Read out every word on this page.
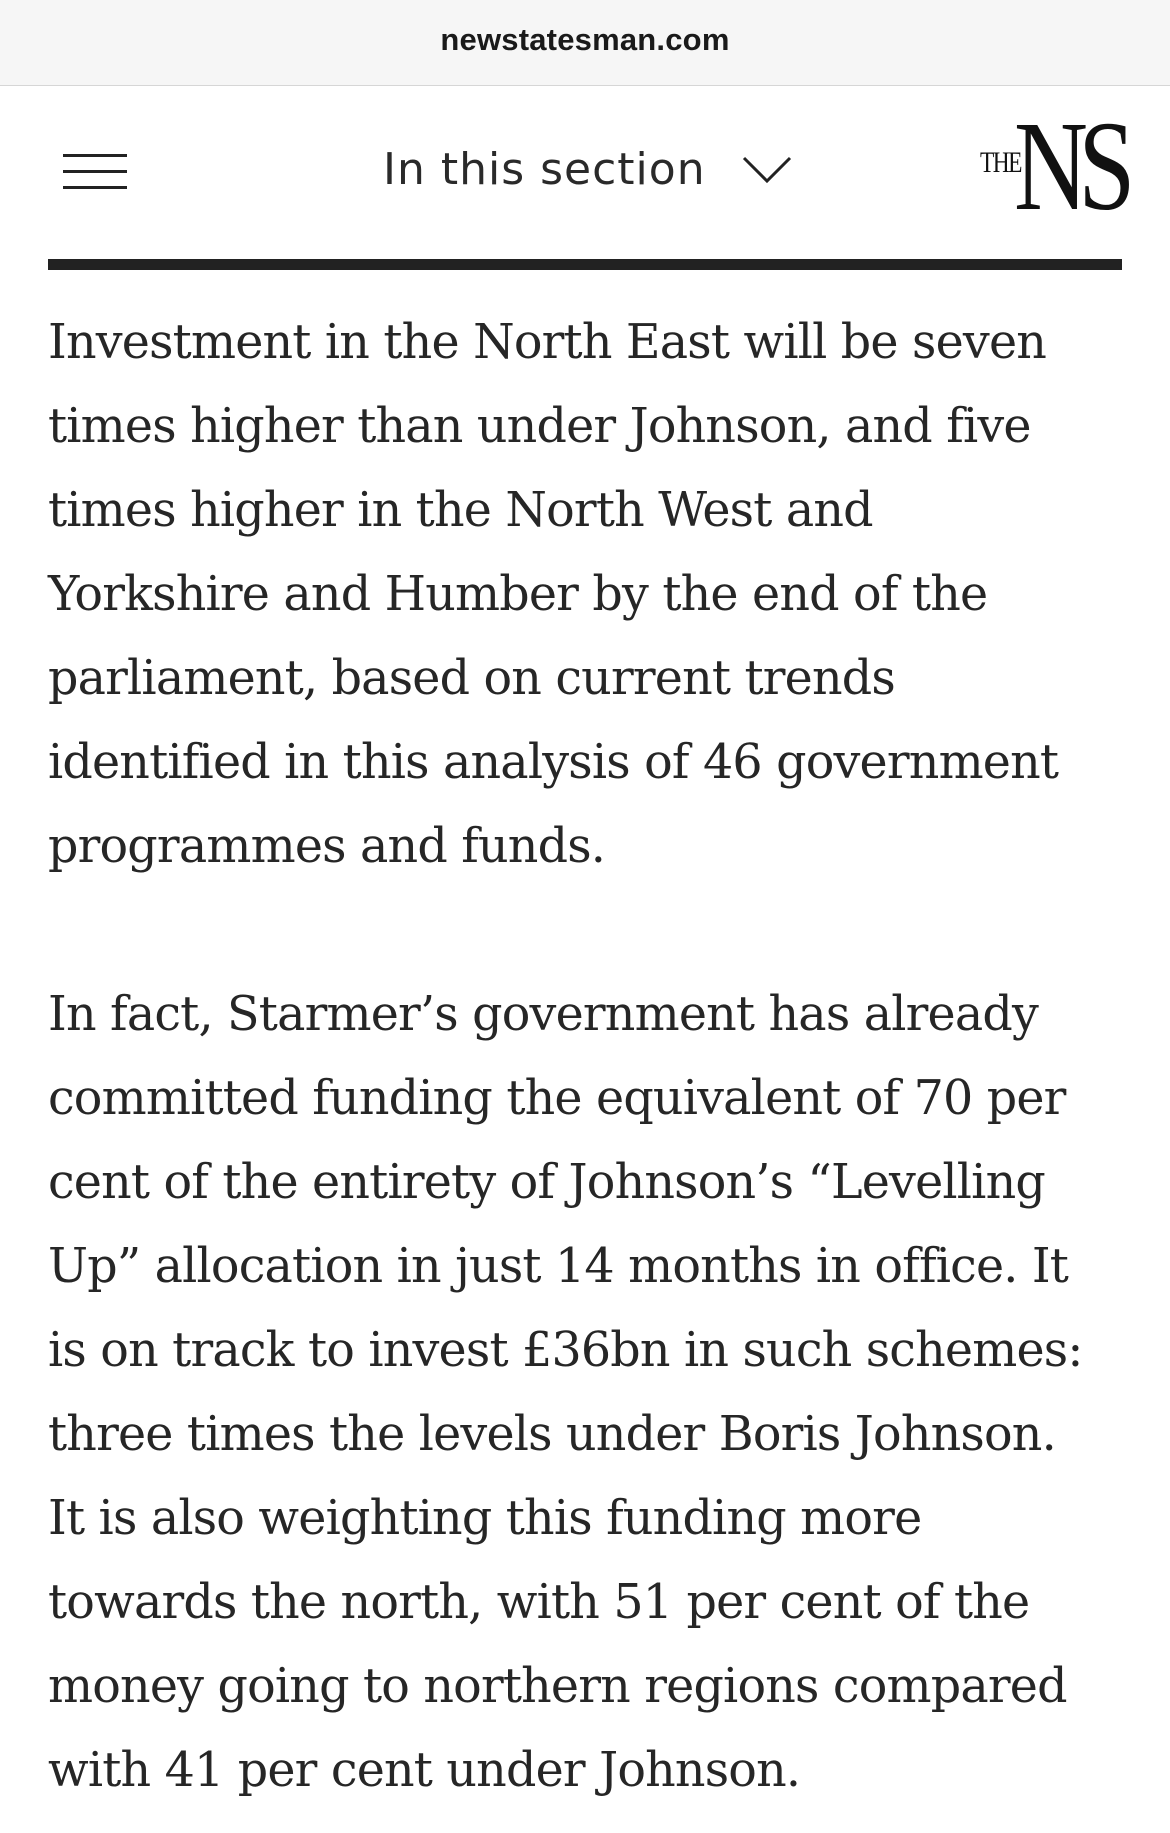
newstatesman.com
In this section	THE
NS

Investment in the North East will be seven
times higher than under Johnson, and five
times higher in the North West and
Yorkshire and Humber by the end of the
parliament, based on current trends
identified in this analysis of 46 government
programmes and funds.

In fact, Starmer’s government has already
committed funding the equivalent of 70 per
cent of the entirety of Johnson’s “Levelling
Up” allocation in just 14 months in office. It
is on track to invest £36bn in such schemes:
three times the levels under Boris Johnson.
It is also weighting this funding more
towards the north, with 51 per cent of the
money going to northern regions compared
with 41 per cent under Johnson.
